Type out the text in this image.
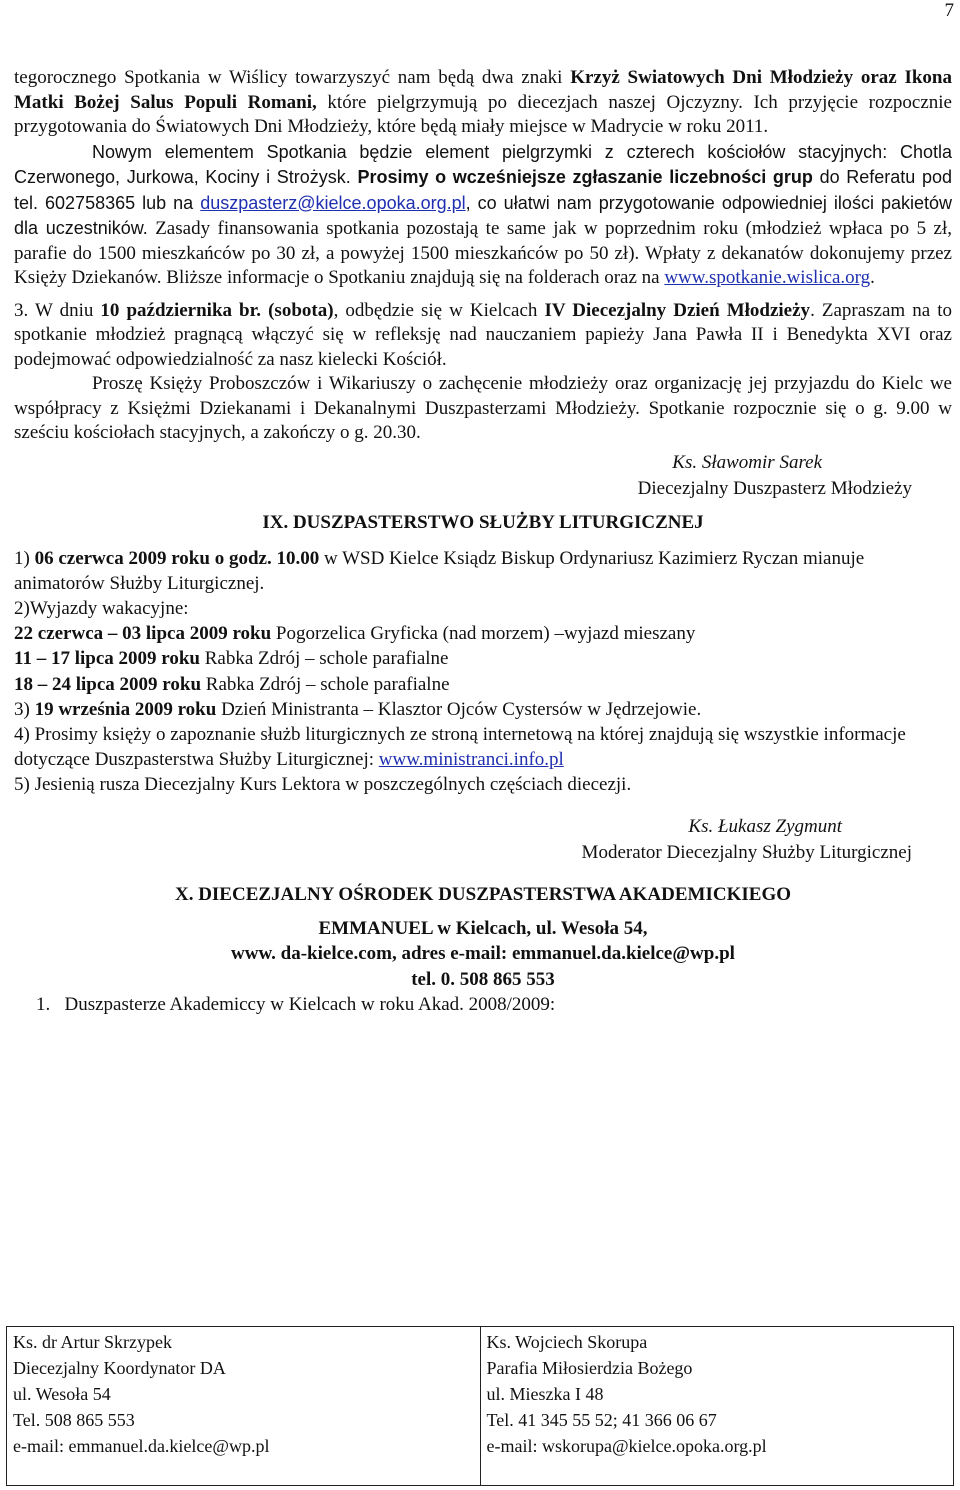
7

tegorocznego Spotkania w Wiślicy towarzyszyć nam będą dwa znaki Krzyż Swiatowych Dni Młodzieży oraz Ikona Matki Bożej Salus Populi Romani, które pielgrzymują po diecezjach naszej Ojczyzny. Ich przyjęcie rozpocznie przygotowania do Światowych Dni Młodzieży, które będą miały miejsce w Madrycie w roku 2011.

Nowym elementem Spotkania będzie element pielgrzymki z czterech kościołów stacyjnych: Chotla Czerwonego, Jurkowa, Kociny i Strożysk. Prosimy o wcześniejsze zgłaszanie liczebności grup do Referatu pod tel. 602758365 lub na duszpasterz@kielce.opoka.org.pl, co ułatwi nam przygotowanie odpowiedniej ilości pakietów dla uczestników. Zasady finansowania spotkania pozostają te same jak w poprzednim roku (młodzież wpłaca po 5 zł, parafie do 1500 mieszkańców po 30 zł, a powyżej 1500 mieszkańców po 50 zł). Wpłaty z dekanatów dokonujemy przez Księży Dziekanów. Bliższe informacje o Spotkaniu znajdują się na folderach oraz na www.spotkanie.wislica.org.

3. W dniu 10 października br. (sobota), odbędzie się w Kielcach IV Diecezjalny Dzień Młodzieży. Zapraszam na to spotkanie młodzież pragnącą włączyć się w refleksję nad nauczaniem papieży Jana Pawła II i Benedykta XVI oraz podejmować odpowiedzialność za nasz kielecki Kościół.

Proszę Księży Proboszczów i Wikariuszy o zachęcenie młodzieży oraz organizację jej przyjazdu do Kielc we współpracy z Księżmi Dziekanami i Dekanalnymi Duszpasterzami Młodzieży. Spotkanie rozpocznie się o g. 9.00 w sześciu kościołach stacyjnych, a zakończy o g. 20.30.

Ks. Sławomir Sarek
Diecezjalny Duszpasterz Młodzieży

IX. DUSZPASTERSTWO SŁUŻBY LITURGICZNEJ

1) 06 czerwca 2009 roku o godz. 10.00 w WSD Kielce Ksiądz Biskup Ordynariusz Kazimierz Ryczan mianuje animatorów Służby Liturgicznej.

2)Wyjazdy wakacyjne:

22 czerwca – 03 lipca 2009 roku Pogorzelica Gryficka (nad morzem) –wyjazd mieszany

11 – 17 lipca 2009 roku Rabka Zdrój – schole parafialne

18 – 24 lipca 2009 roku Rabka Zdrój – schole parafialne

3) 19 września 2009 roku Dzień Ministranta – Klasztor Ojców Cystersów w Jędrzejowie.

4) Prosimy księży o zapoznanie służb liturgicznych ze stroną internetową na której znajdują się wszystkie informacje dotyczące Duszpasterstwa Służby Liturgicznej: www.ministranci.info.pl

5) Jesienią rusza Diecezjalny Kurs Lektora w poszczególnych częściach diecezji.

Ks. Łukasz Zygmunt
Moderator Diecezjalny Służby Liturgicznej

X. DIECEZJALNY OŚRODEK DUSZPASTERSTWA AKADEMICKIEGO

EMMANUEL w Kielcach, ul. Wesoła 54,

www. da-kielce.com, adres e-mail: emmanuel.da.kielce@wp.pl

tel. 0. 508 865 553

1.   Duszpasterze Akademiccy w Kielcach w roku Akad. 2008/2009:

Ks. dr Artur Skrzypek
Diecezjalny Koordynator DA
ul. Wesoła 54
Tel. 508 865 553
e-mail: emmanuel.da.kielce@wp.pl
Ks. Wojciech Skorupa
Parafia Miłosierdzia Bożego
ul. Mieszka I 48
Tel. 41 345 55 52; 41 366 06 67
e-mail: wskorupa@kielce.opoka.org.pl
